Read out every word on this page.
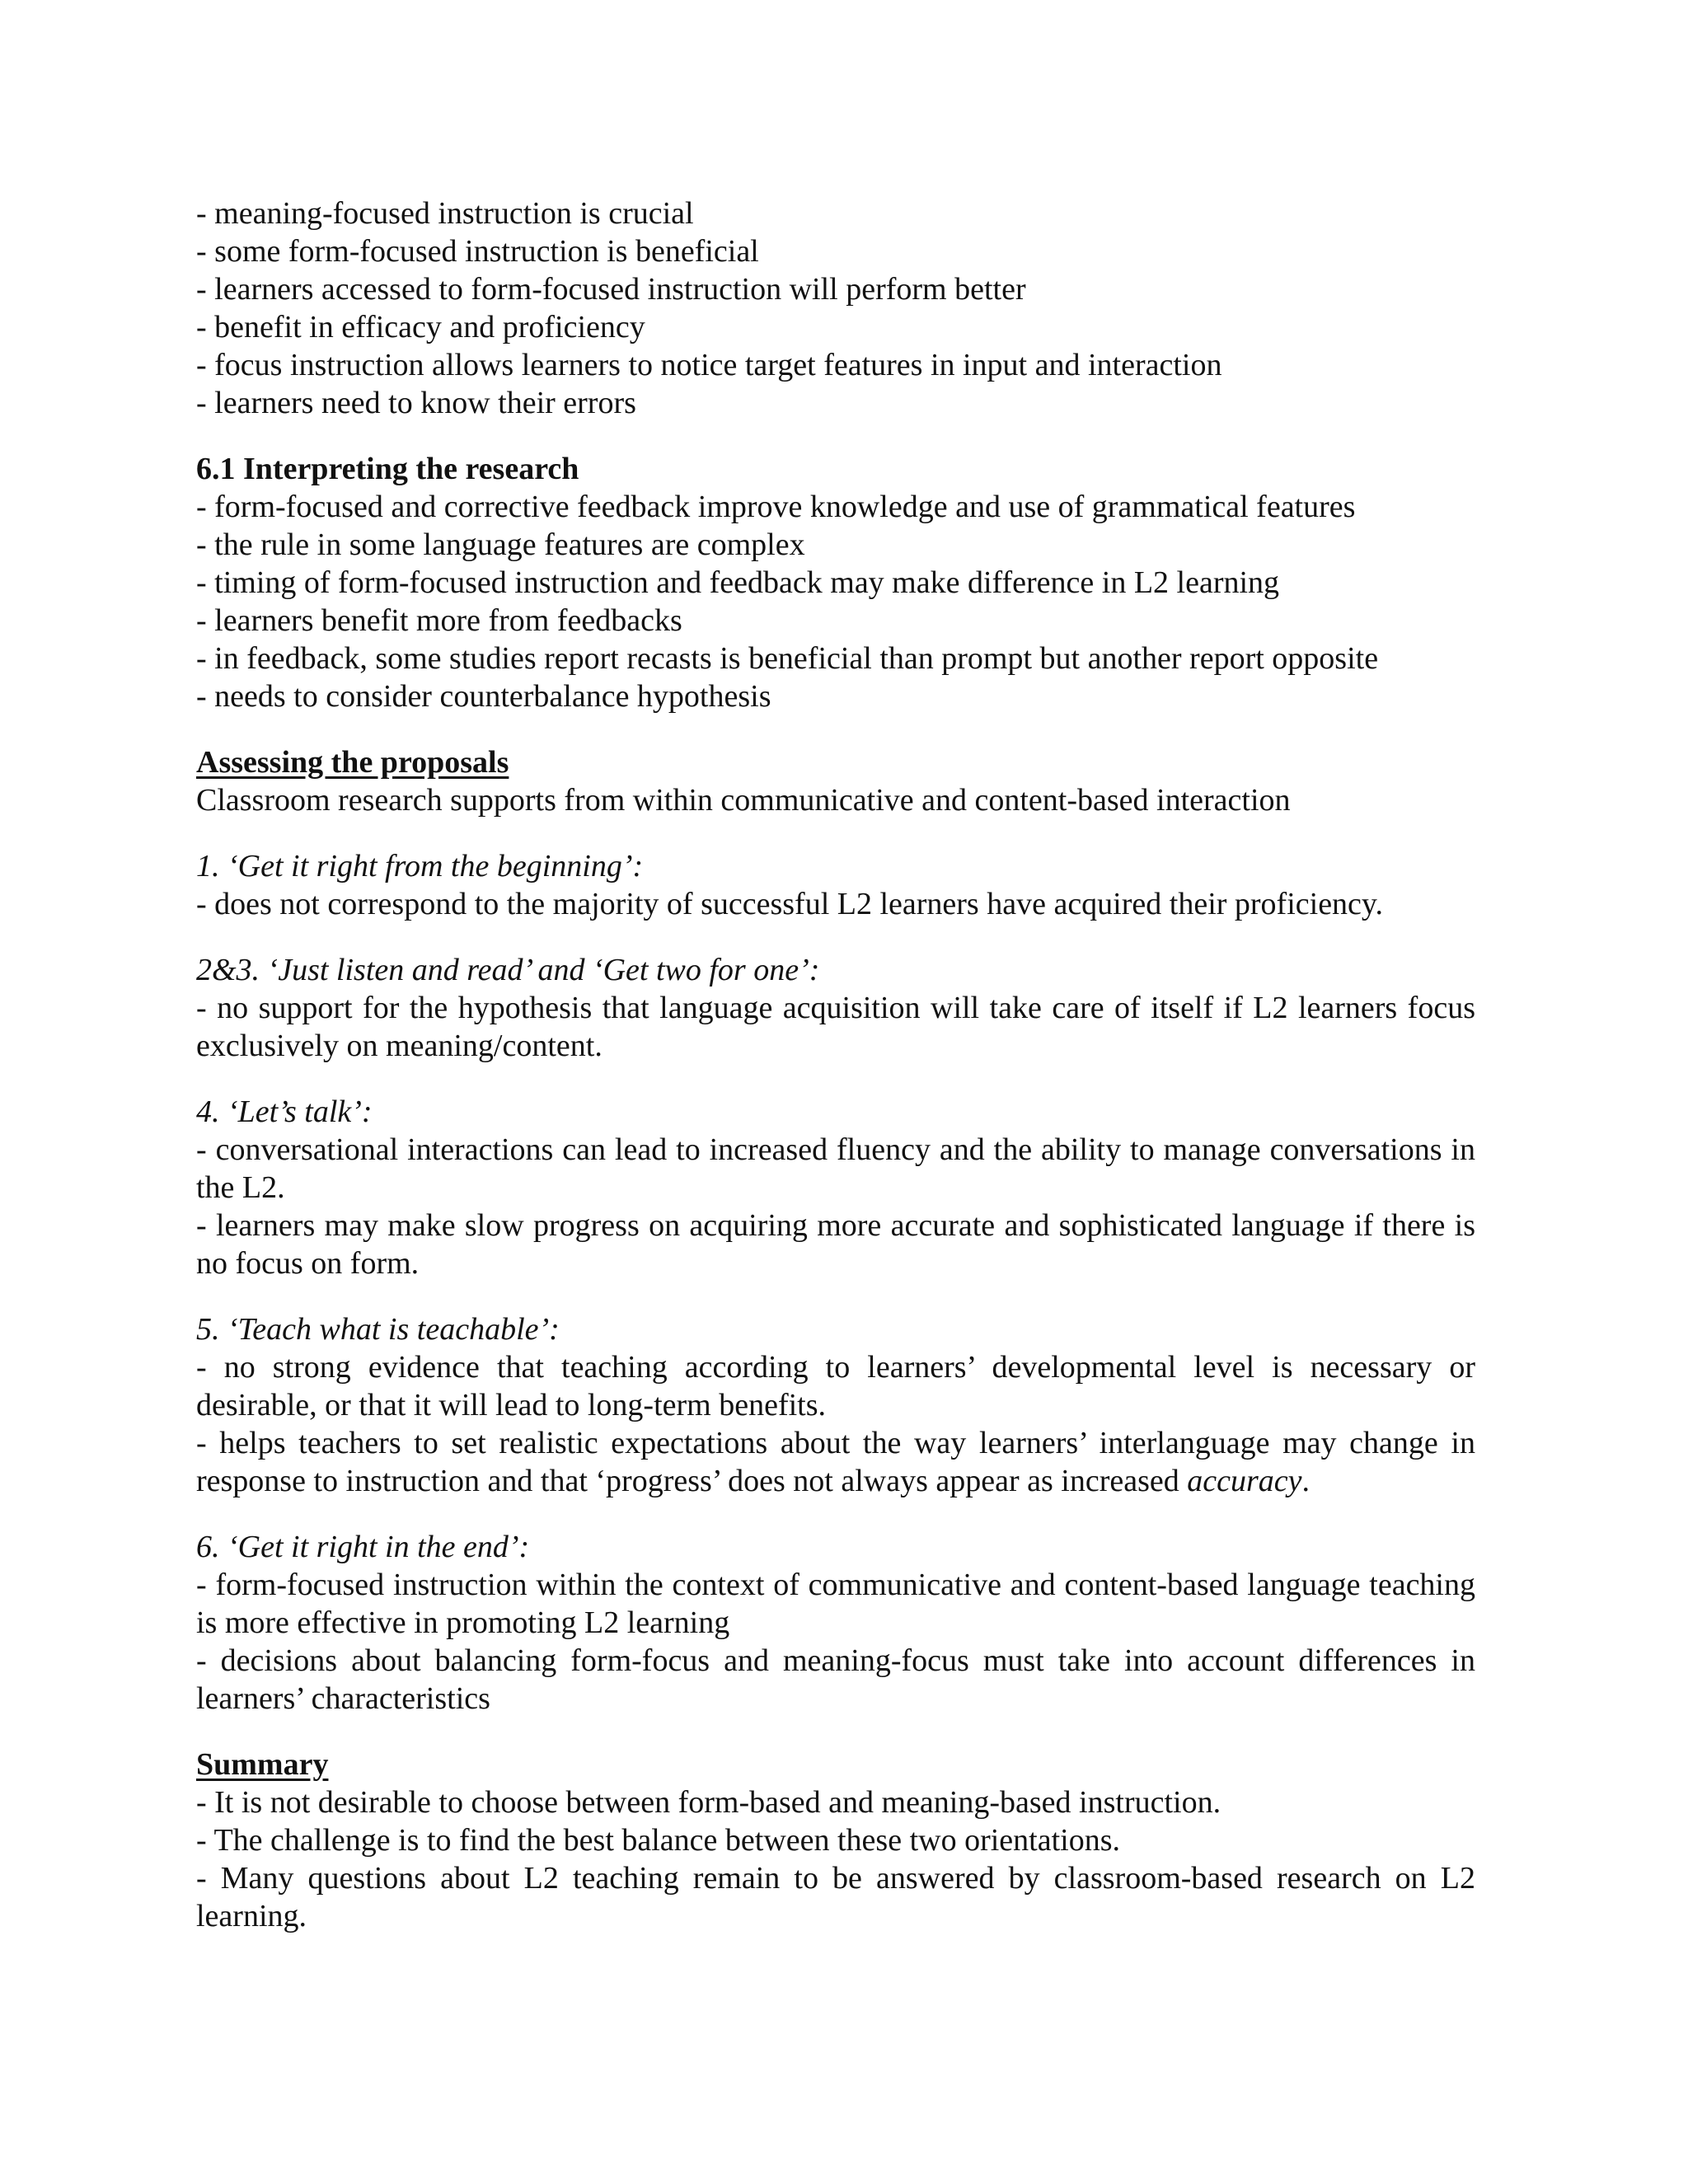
- meaning-focused instruction is crucial

- some form-focused instruction is beneficial

- learners accessed to form-focused instruction will perform better

- benefit in efficacy and proficiency

- focus instruction allows learners to notice target features in input and interaction

- learners need to know their errors

6.1 Interpreting the research

- form-focused and corrective feedback improve knowledge and use of grammatical features

- the rule in some language features are complex

- timing of form-focused instruction and feedback may make difference in L2 learning

- learners benefit more from feedbacks

- in feedback, some studies report recasts is beneficial than prompt but another report opposite

- needs to consider counterbalance hypothesis

Assessing the proposals

Classroom research supports from within communicative and content-based interaction

1. ‘Get it right from the beginning’:

- does not correspond to the majority of successful L2 learners have acquired their proficiency.

2&3. ‘Just listen and read’ and ‘Get two for one’:

- no support for the hypothesis that language acquisition will take care of itself if L2 learners focus exclusively on meaning/content.

4. ‘Let’s talk’:

- conversational interactions can lead to increased fluency and the ability to manage conversations in the L2.

- learners may make slow progress on acquiring more accurate and sophisticated language if there is no focus on form.

5. ‘Teach what is teachable’:

- no strong evidence that teaching according to learners’ developmental level is necessary or desirable, or that it will lead to long-term benefits.

- helps teachers to set realistic expectations about the way learners’ interlanguage may change in response to instruction and that ‘progress’ does not always appear as increased accuracy.

6. ‘Get it right in the end’:

- form-focused instruction within the context of communicative and content-based language teaching is more effective in promoting L2 learning

- decisions about balancing form-focus and meaning-focus must take into account differences in learners’ characteristics

Summary

- It is not desirable to choose between form-based and meaning-based instruction.

- The challenge is to find the best balance between these two orientations.

- Many questions about L2 teaching remain to be answered by classroom-based research on L2 learning.
